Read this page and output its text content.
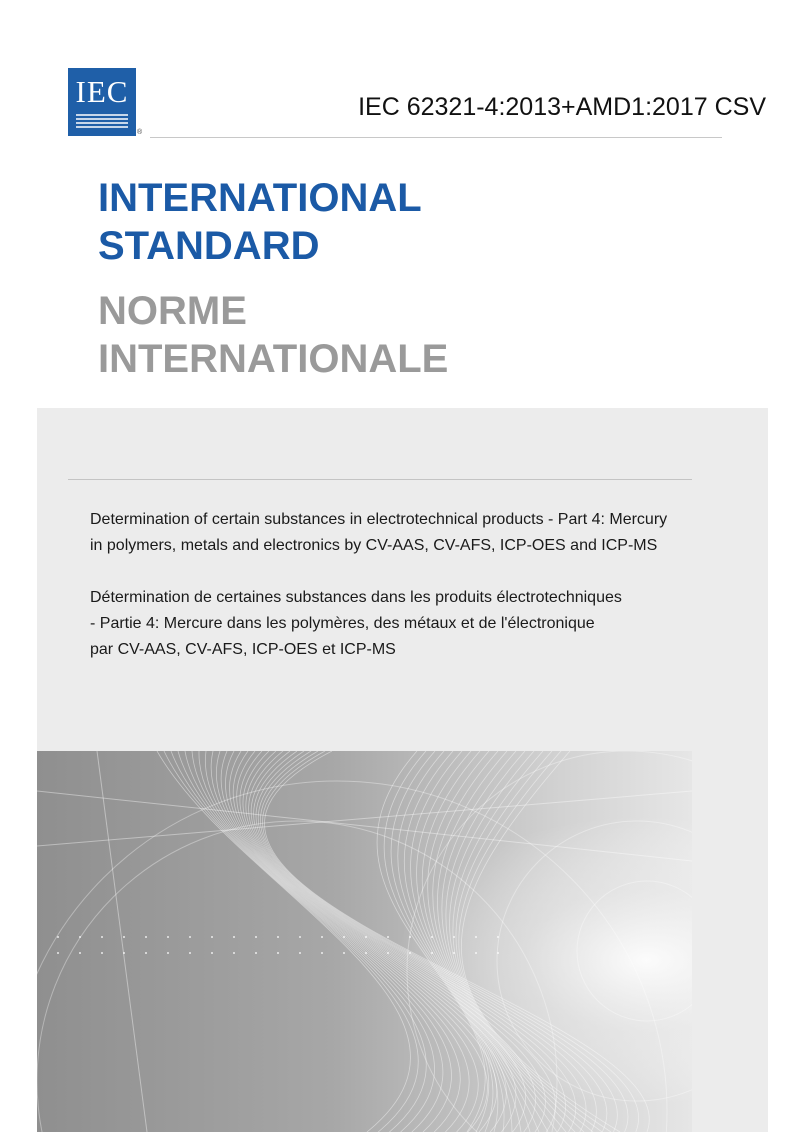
IEC
®
IEC 62321-4:2013+AMD1:2017 CSV
INTERNATIONAL
STANDARD
NORME
INTERNATIONALE

Determination of certain substances in electrotechnical products - Part 4: Mercury
in polymers, metals and electronics by CV-AAS, CV-AFS, ICP-OES and ICP-MS

Détermination de certaines substances dans les produits électrotechniques
- Partie 4: Mercure dans les polymères, des métaux et de l'électronique
par CV-AAS, CV-AFS, ICP-OES et ICP-MS
